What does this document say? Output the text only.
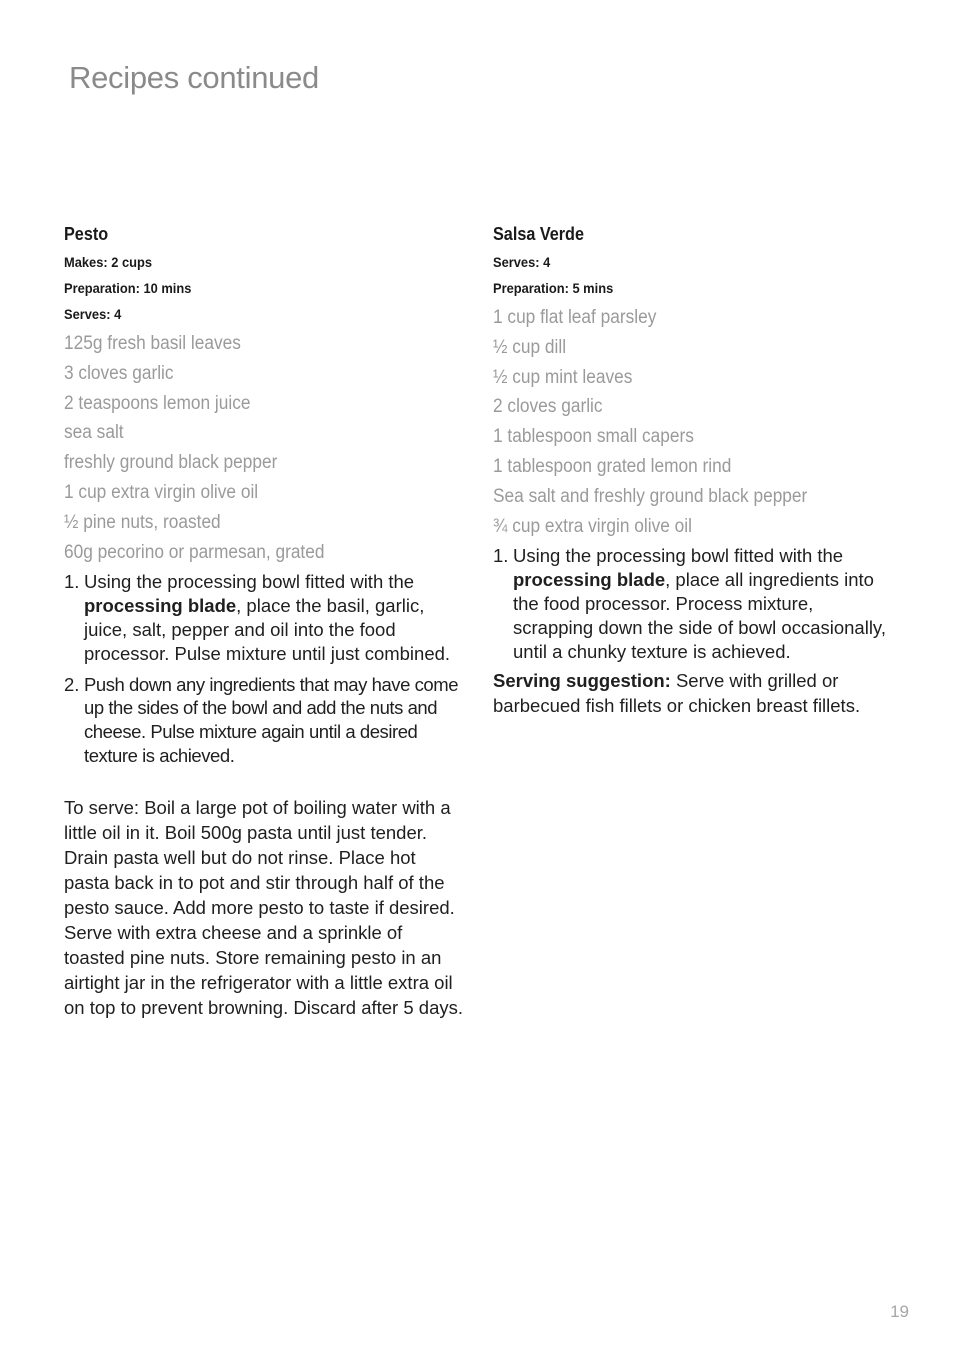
Recipes continued
Pesto

Makes: 2 cups

Preparation: 10 mins

Serves: 4

125g fresh basil leaves
3 cloves garlic
2 teaspoons lemon juice
sea salt
freshly ground black pepper
1 cup extra virgin olive oil
½ pine nuts, roasted
60g pecorino or parmesan, grated
1. Using the processing bowl fitted with the processing blade, place the basil, garlic, juice, salt, pepper and oil into the food processor. Pulse mixture until just combined.
2. Push down any ingredients that may have come up the sides of the bowl and add the nuts and cheese. Pulse mixture again until a desired texture is achieved.

To serve: Boil a large pot of boiling water with a little oil in it. Boil 500g pasta until just tender. Drain pasta well but do not rinse. Place hot pasta back in to pot and stir through half of the pesto sauce. Add more pesto to taste if desired. Serve with extra cheese and a sprinkle of toasted pine nuts. Store remaining pesto in an airtight jar in the refrigerator with a little extra oil on top to prevent browning. Discard after 5 days.

Salsa Verde

Serves: 4

Preparation: 5 mins

1 cup flat leaf parsley
½ cup dill
½ cup mint leaves
2 cloves garlic
1 tablespoon small capers
1 tablespoon grated lemon rind
Sea salt and freshly ground black pepper
¾ cup extra virgin olive oil
1. Using the processing bowl fitted with the processing blade, place all ingredients into the food processor. Process mixture, scrapping down the side of bowl occasionally, until a chunky texture is achieved.

Serving suggestion: Serve with grilled or barbecued fish fillets or chicken breast fillets.

19
